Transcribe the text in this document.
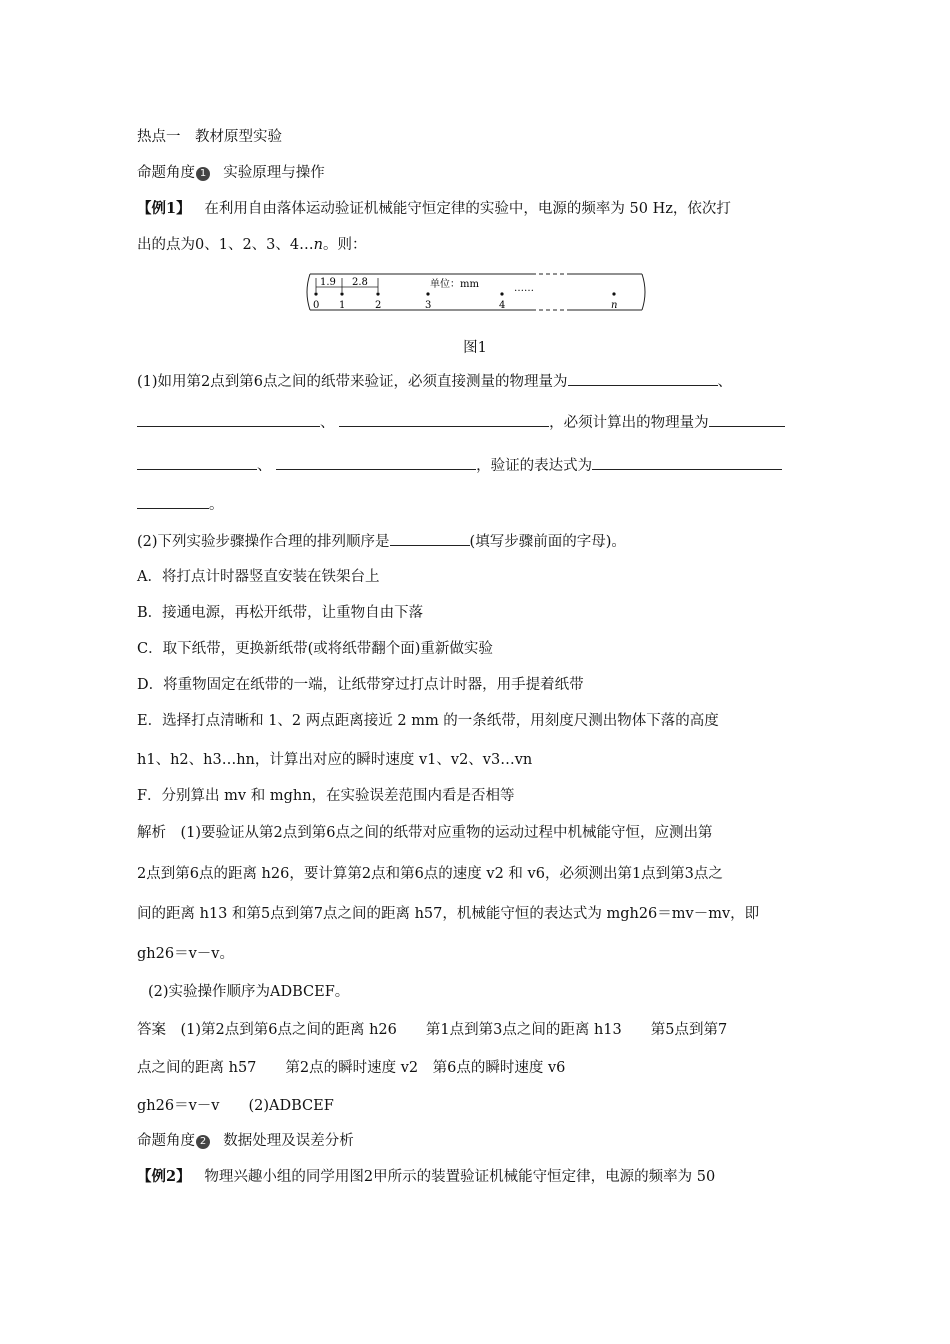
热点一　教材原型实验
命题角度 1 实验原理与操作
【例1】 在利用自由落体运动验证机械能守恒定律的实验中，电源的频率为 50 Hz，依次打
出的点为0、1、2、3、4…n。则：
1.9 2.8	单位：mm	……
0 1	2	3	4	n
图1
(1)如用第2点到第6点之间的纸带来验证，必须直接测量的物理量为	、
、	，必须计算出的物理量为
、	，验证的表达式为
。
(2)下列实验步骤操作合理的排列顺序是	(填写步骤前面的字母)。
A．将打点计时器竖直安装在铁架台上
B．接通电源，再松开纸带，让重物自由下落
C．取下纸带，更换新纸带(或将纸带翻个面)重新做实验
D．将重物固定在纸带的一端，让纸带穿过打点计时器，用手提着纸带
E．选择打点清晰和 1、2 两点距离接近 2 mm 的一条纸带，用刻度尺测出物体下落的高度
h1、h2、h3…hn，计算出对应的瞬时速度 v1、v2、v3…vn
F．分别算出 mv 和 mghn，在实验误差范围内看是否相等
解析　(1)要验证从第2点到第6点之间的纸带对应重物的运动过程中机械能守恒，应测出第
2点到第6点的距离 h26，要计算第2点和第6点的速度 v2 和 v6，必须测出第1点到第3点之
间的距离 h13 和第5点到第7点之间的距离 h57，机械能守恒的表达式为 mgh26＝mv－mv，即
gh26＝v－v。
(2)实验操作顺序为ADBCEF。
答案　(1)第2点到第6点之间的距离 h26　　第1点到第3点之间的距离 h13　　第5点到第7
点之间的距离 h57　　第2点的瞬时速度 v2　第6点的瞬时速度 v6
gh26＝v－v　　(2)ADBCEF
命题角度 2 数据处理及误差分析
【例2】 物理兴趣小组的同学用图2甲所示的装置验证机械能守恒定律，电源的频率为 50
